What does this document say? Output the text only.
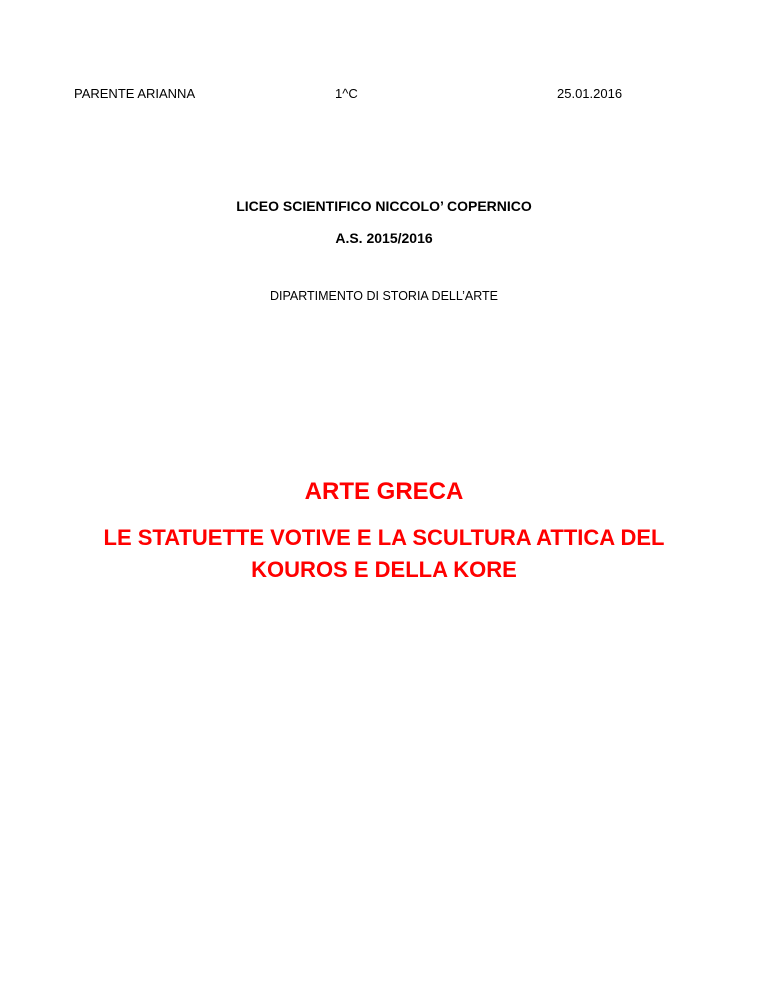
PARENTE ARIANNA	1^C	25.01.2016
LICEO SCIENTIFICO NICCOLO’ COPERNICO
A.S. 2015/2016
DIPARTIMENTO DI STORIA DELL’ARTE
ARTE GRECA
LE STATUETTE VOTIVE E LA SCULTURA ATTICA DEL
KOUROS E DELLA KORE
